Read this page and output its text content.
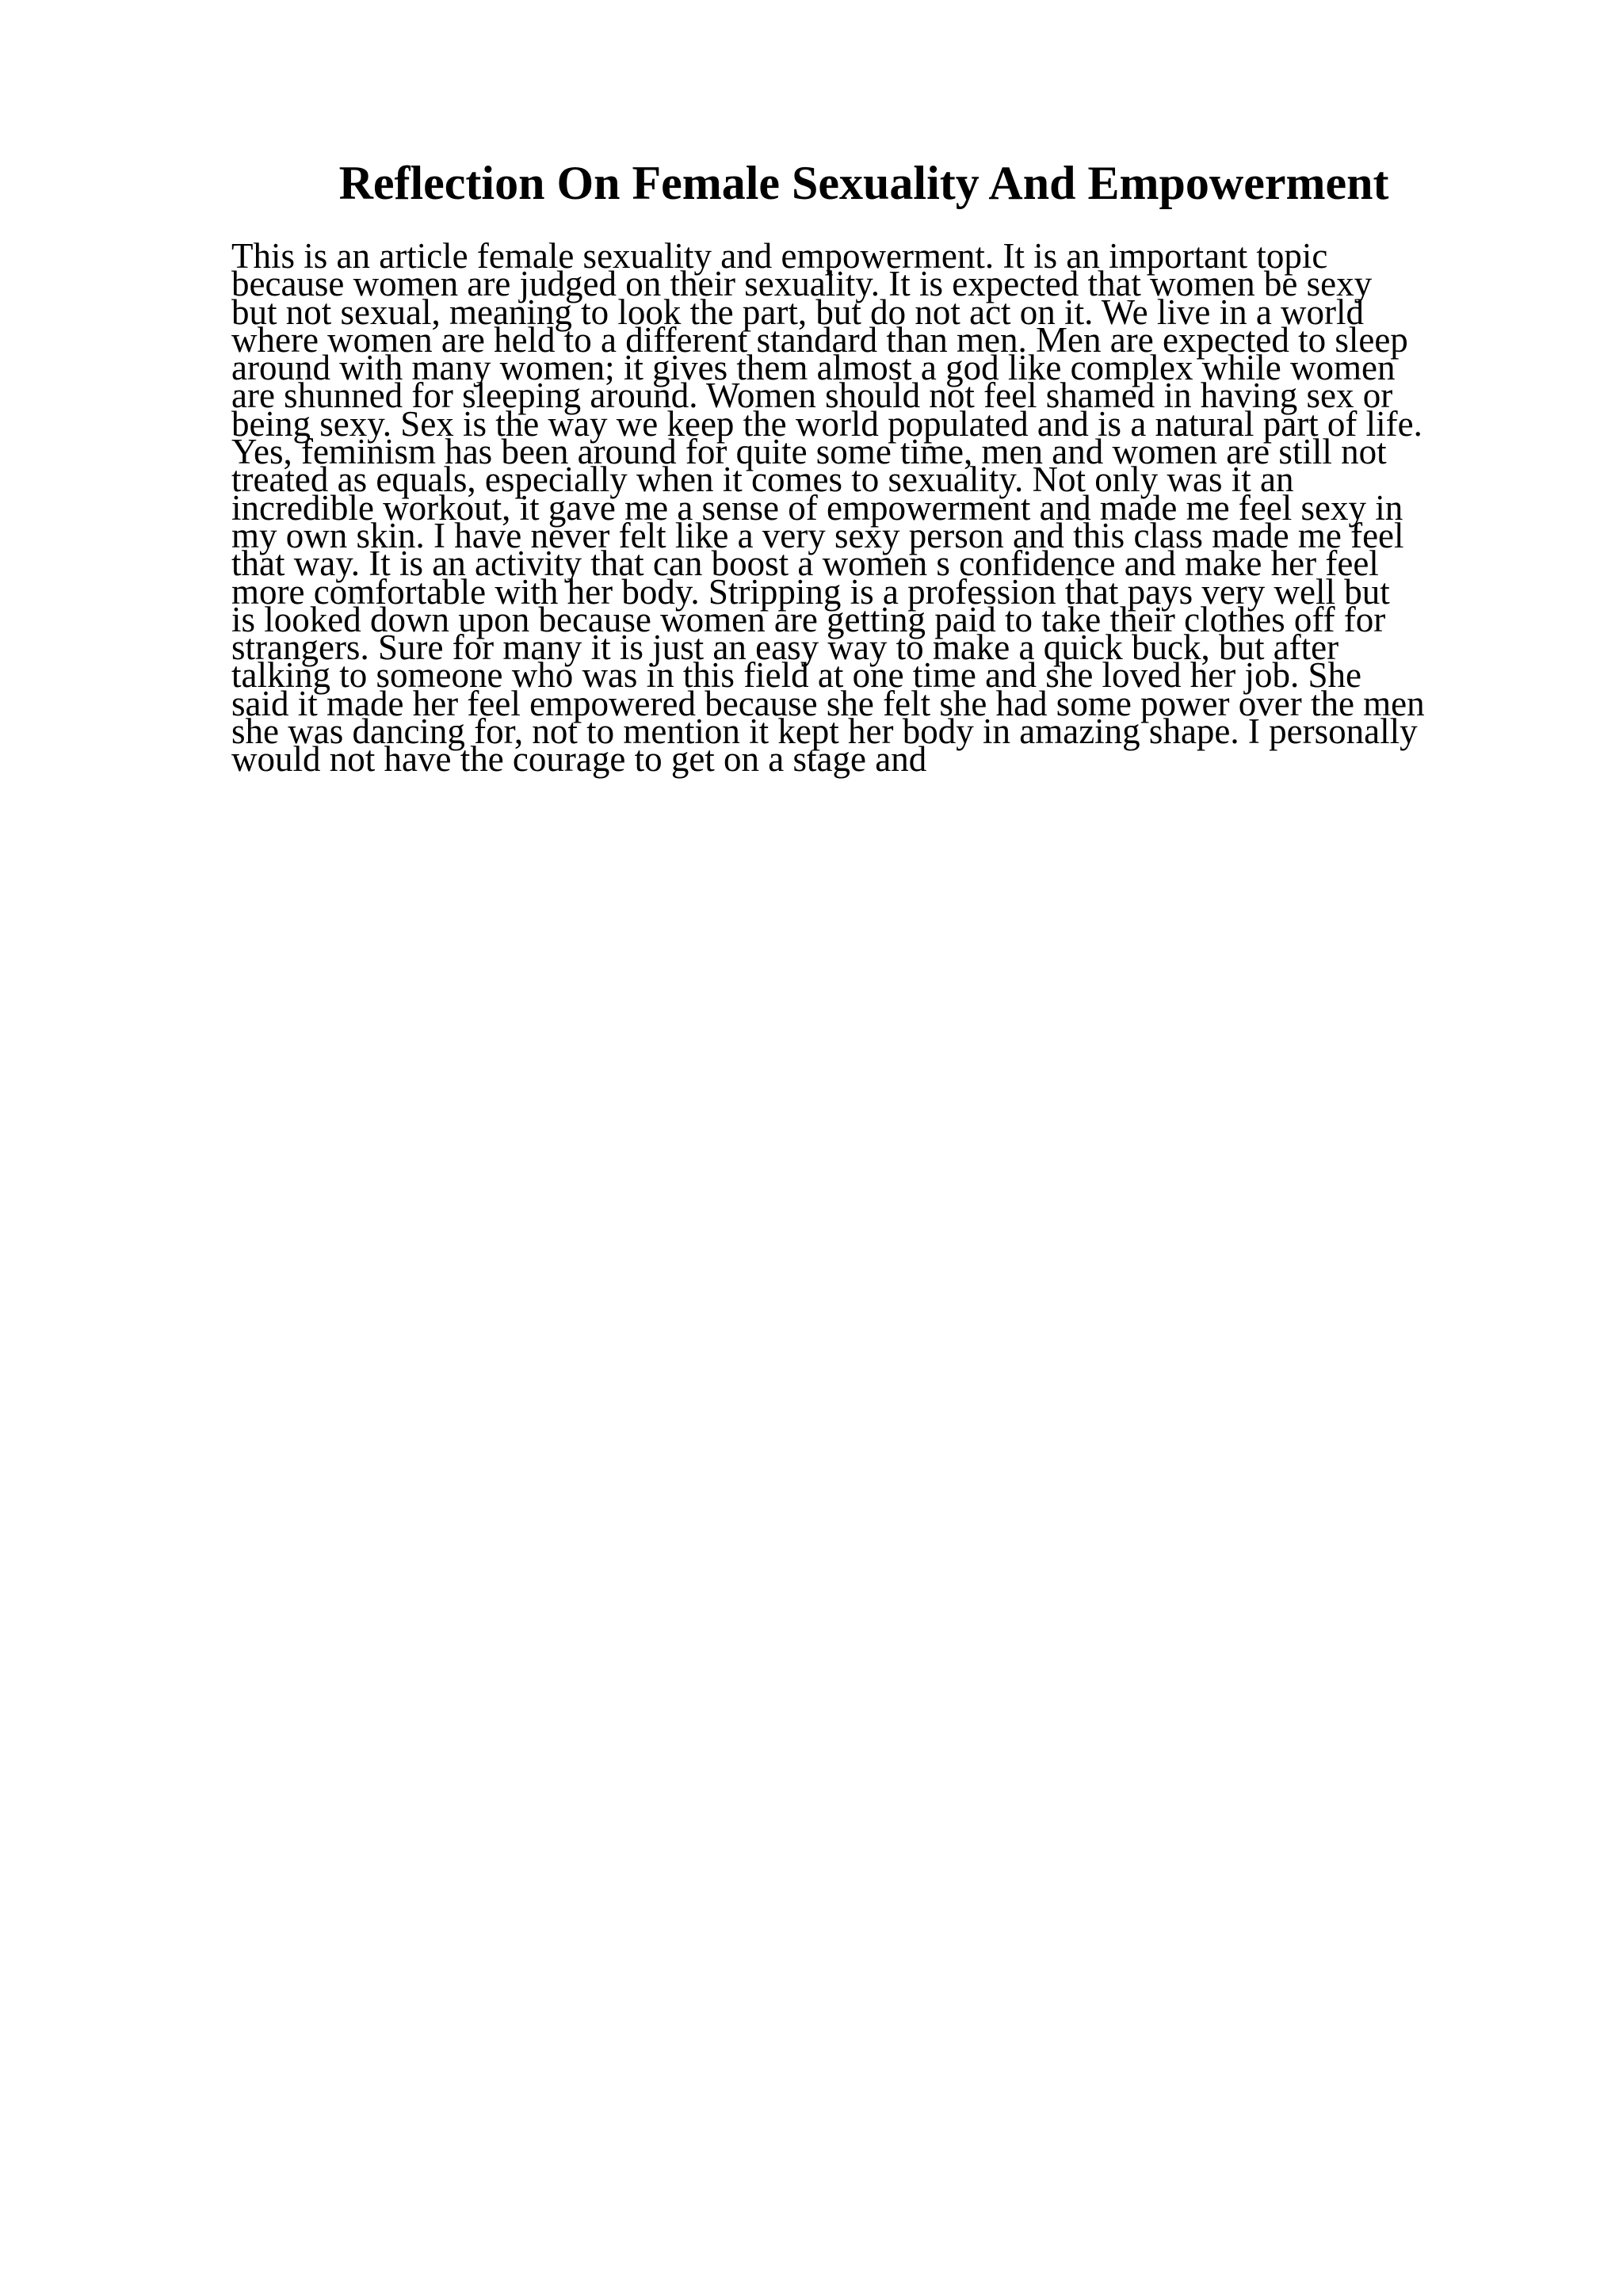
Reflection On Female Sexuality And Empowerment
This is an article female sexuality and empowerment. It is an important topic
because women are judged on their sexuality. It is expected that women be sexy
but not sexual, meaning to look the part, but do not act on it. We live in a world
where women are held to a different standard than men. Men are expected to sleep
around with many women; it gives them almost a god like complex while women
are shunned for sleeping around. Women should not feel shamed in having sex or
being sexy. Sex is the way we keep the world populated and is a natural part of life.
Yes, feminism has been around for quite some time, men and women are still not
treated as equals, especially when it comes to sexuality. Not only was it an
incredible workout, it gave me a sense of empowerment and made me feel sexy in
my own skin. I have never felt like a very sexy person and this class made me feel
that way. It is an activity that can boost a women s confidence and make her feel
more comfortable with her body. Stripping is a profession that pays very well but
is looked down upon because women are getting paid to take their clothes off for
strangers. Sure for many it is just an easy way to make a quick buck, but after
talking to someone who was in this field at one time and she loved her job. She
said it made her feel empowered because she felt she had some power over the men
she was dancing for, not to mention it kept her body in amazing shape. I personally
would not have the courage to get on a stage and
